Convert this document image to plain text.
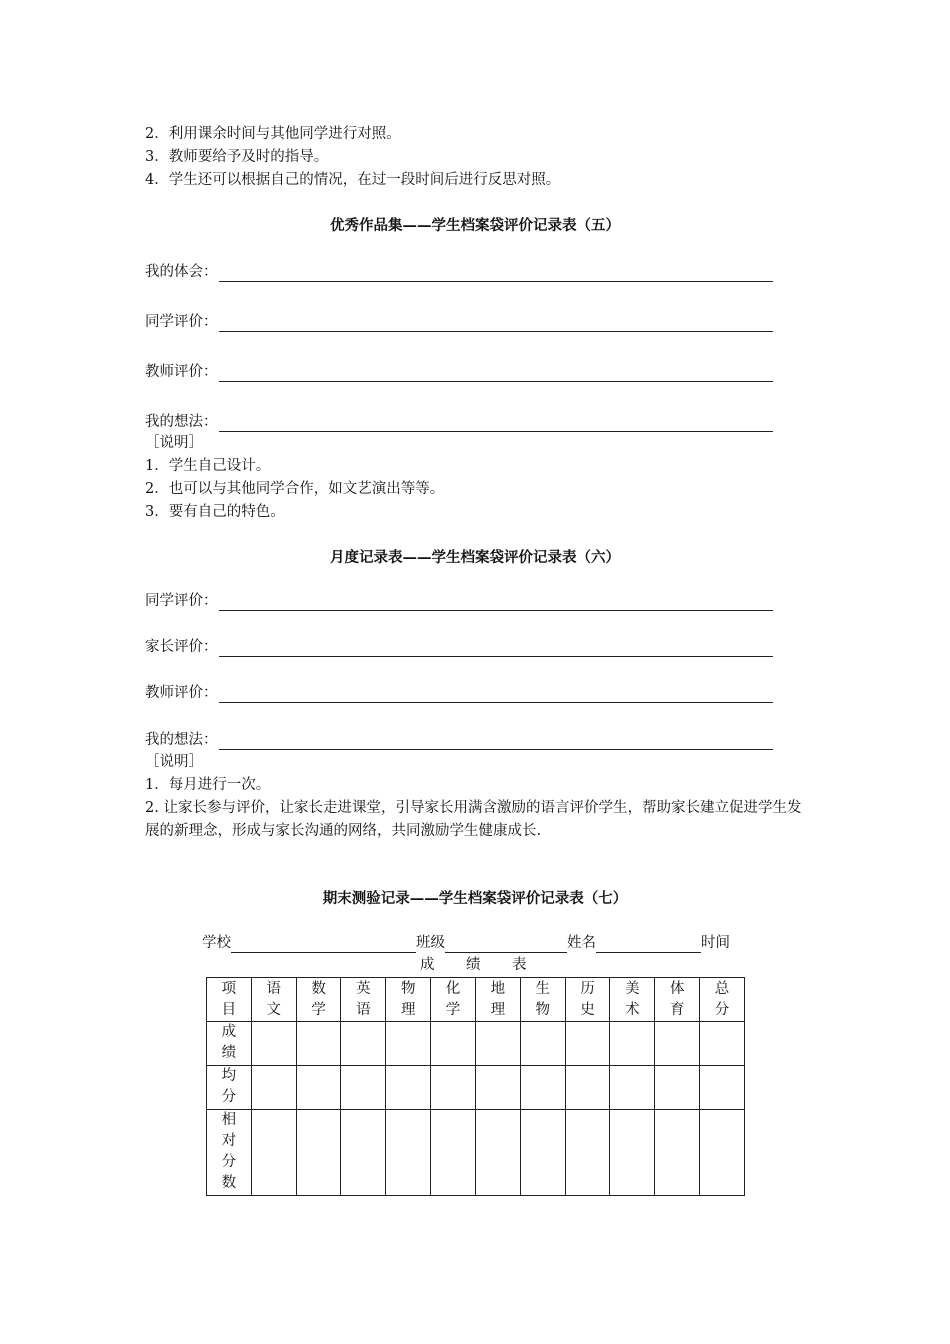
2．利用课余时间与其他同学进行对照。
3．教师要给予及时的指导。
4．学生还可以根据自己的情况，在过一段时间后进行反思对照。
优秀作品集——学生档案袋评价记录表（五）
我的体会：
同学评价：
教师评价：
我的想法：
［说明］
1．学生自己设计。
2．也可以与其他同学合作，如文艺演出等等。
3．要有自己的特色。
月度记录表——学生档案袋评价记录表（六）
同学评价：
家长评价：
教师评价：
我的想法：
［说明］
1．每月进行一次。
2. 让家长参与评价，让家长走进课堂，引导家长用满含激励的语言评价学生，帮助家长建立促进学生发展的新理念，形成与家长沟通的网络，共同激励学生健康成长.
期末测验记录——学生档案袋评价记录表（七）
学校	班级	姓名	时间
成 绩 表
项目	语文	数学	英语	物理	化学	地理	生物	历史	美术	体育	总分

成绩											

均分											

相对分数											
